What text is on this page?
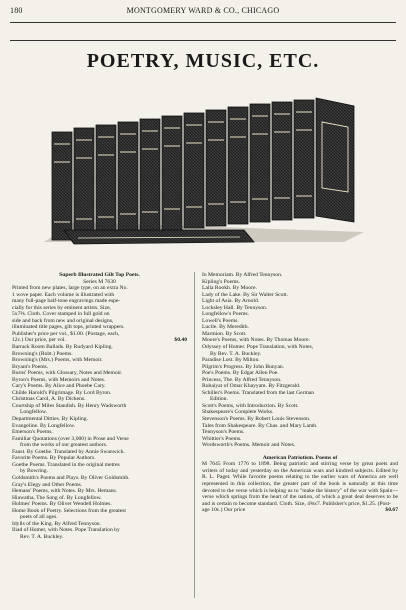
180	MONTGOMERY WARD & CO., CHICAGO
POETRY, MUSIC, ETC.
Superb Illustrated Gilt Top Poets.
Series M 7630
Printed from new plates, large type, on an extra No.
1 wove paper. Each volume is illustrated with
many full-page half-tone engravings made espe-
cially for this series by eminent artists. Size,
5x7⅝. Cloth. Cover stamped in full gold on
side and back from new and original designs,
illuminated title pages, gilt tops, printed wrappers.
Publisher's price per vol., $1.00. (Postage, each,
12c.) Our price, per vol.	$0.40
Barrack Room Ballads. By Rudyard Kipling.
Browning's (Robt.) Poems.
Browning's (Mrs.) Poems, with Memoir.
Bryant's Poems.
Burns' Poems, with Glossary, Notes and Memoir.
Byron's Poems, with Memoirs and Notes.
Cary's Poems. By Alice and Phoebe Cary.
Childe Harold's Pilgrimage. By Lord Byron.
Christmas Carol, A. By Dickens.
Courtship of Miles Standish. By Henry Wadsworth
Longfellow.
Departmental Ditties. By Kipling.
Evangeline. By Longfellow.
Emerson's Poems.
Familiar Quotations (over 3,000) in Prose and Verse
from the works of our greatest authors.
Faust. By Goethe. Translated by Annie Swanwick.
Favorite Poems. By Popular Authors.
Goethe Poems. Translated in the original metres
by Bowring.
Goldsmith's Poems and Plays. By Oliver Goldsmith.
Gray's Elegy and Other Poems.
Hemans' Poems, with Notes. By Mrs. Hemans.
Hiawatha, The Song of. By Longfellow.
Holmes' Poems. By Oliver Wendell Holmes.
Home Book of Poetry. Selections from the greatest
poets of all ages.
Idylls of the King. By Alfred Tennyson.
Iliad of Homer, with Notes. Pope Translation by
Rev. T. A. Buckley.
In Memoriam. By Alfred Tennyson.
Kipling's Poems.
Lalla Rookh. By Moore.
Lady of the Lake. By Sir Walter Scott.
Light of Asia. By Arnold.
Locksley Hall. By Tennyson.
Longfellow's Poems.
Lowell's Poems.
Lucile. By Meredith.
Marmion. By Scott.
Moore's Poems, with Notes. By Thomas Moore.
Odyssey of Homer. Pope Translation, with Notes,
By Rev. T. A. Buckley.
Paradise Lost. By Milton.
Pilgrim's Progress. By John Bunyan.
Poe's Poems. By Edgar Allen Poe.
Princess, The. By Alfred Tennyson.
Rubaiyat of Omar Khayyam. By Fitzgerald.
Schiller's Poems. Translated from the last German
Edition.
Scott's Poems, with Introduction. By Scott.
Shakespeare's Complete Works.
Stevenson's Poems. By Robert Louis Stevenson.
Tales from Shakespeare. By Chas. and Mary Lamb.
Tennyson's Poems.
Whittier's Poems.
Wordsworth's Poems. Memoir and Notes.
American Patriotism. Poems of
M 7645 From 1776 to 1898. Being patriotic and stirring verse by great poets and writers of today and yesterday on the American wars and kindred subjects. Edited by R. L. Paget. While favorite poems relating to the earlier wars of America are well represented in this collection, the greater part of the book is naturally at this time devoted to the verse which is helping us to "make the history" of the war with Spain—verse which springs from the heart of the nation, of which a great deal deserves to be and is certain to become standard. Cloth. Size, 4⅝x7. Publisher's price, $1.25. (Post-
age 10c.) Our price	$0.67
